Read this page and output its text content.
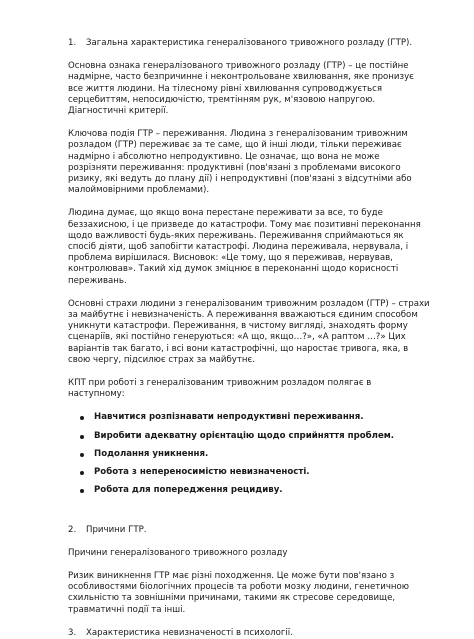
1. Загальна характеристика генералізованого тривожного розладу (ГТР).

Основна ознака генералізованого тривожного розладу (ГТР) – це постійне надмірне, часто безпричинне і неконтрольоване хвилювання, яке пронизує все життя людини. На тілесному рівні хвилювання супроводжується серцебиттям, непосидючістю, тремтінням рук, м'язовою напругою. Діагностичні критерії.

Ключова подія ГТР – переживання. Людина з генералізованим тривожним розладом (ГТР) переживає за те саме, що й інші люди, тільки переживає надмірно і абсолютно непродуктивно. Це означає, що вона не може розрізняти переживання: продуктивні (пов'язані з проблемами високого ризику, які ведуть до плану дії) і непродуктивні (пов'язані з відсутніми або малоймовірними проблемами).

Людина думає, що якщо вона перестане переживати за все, то буде беззахисною, і це призведе до катастрофи. Тому має позитивні переконання щодо важливості будь-яких переживань. Переживання сприймаються як спосіб діяти, щоб запобігти катастрофі. Людина переживала, нервувала, і проблема вирішилася. Висновок: «Це тому, що я переживав, нервував, контролював». Такий хід думок зміцнює в переконанні щодо корисності переживань.

Основні страхи людини з генералізованим тривожним розладом (ГТР) – страхи за майбутнє і невизначеність. А переживання вважаються єдиним способом уникнути катастрофи. Переживання, в чистому вигляді, знаходять форму сценаріїв, які постійно генеруються: «А що, якщо…?», «А раптом …?» Цих варіантів так багато, і всі вони катастрофічні, що наростає тривога, яка, в свою чергу, підсилює страх за майбутнє.

КПТ при роботі з генералізованим тривожним розладом полягає в наступному:

Навчитися розпізнавати непродуктивні переживання.
Виробити адекватну орієнтацію щодо сприйняття проблем.
Подолання уникнення.
Робота з непереносимістю невизначеності.
Робота для попередження рецидиву.
2. Причини ГТР.

Причини генералізованого тривожного розладу

Ризик виникнення ГТР має різні походження. Це може бути пов'язано з особливостями біологічних процесів та роботи мозку людини, генетичною схильністю та зовнішніми причинами, такими як стресове середовище, травматичні події та інші.

3. Характеристика невизначеності в психології.
